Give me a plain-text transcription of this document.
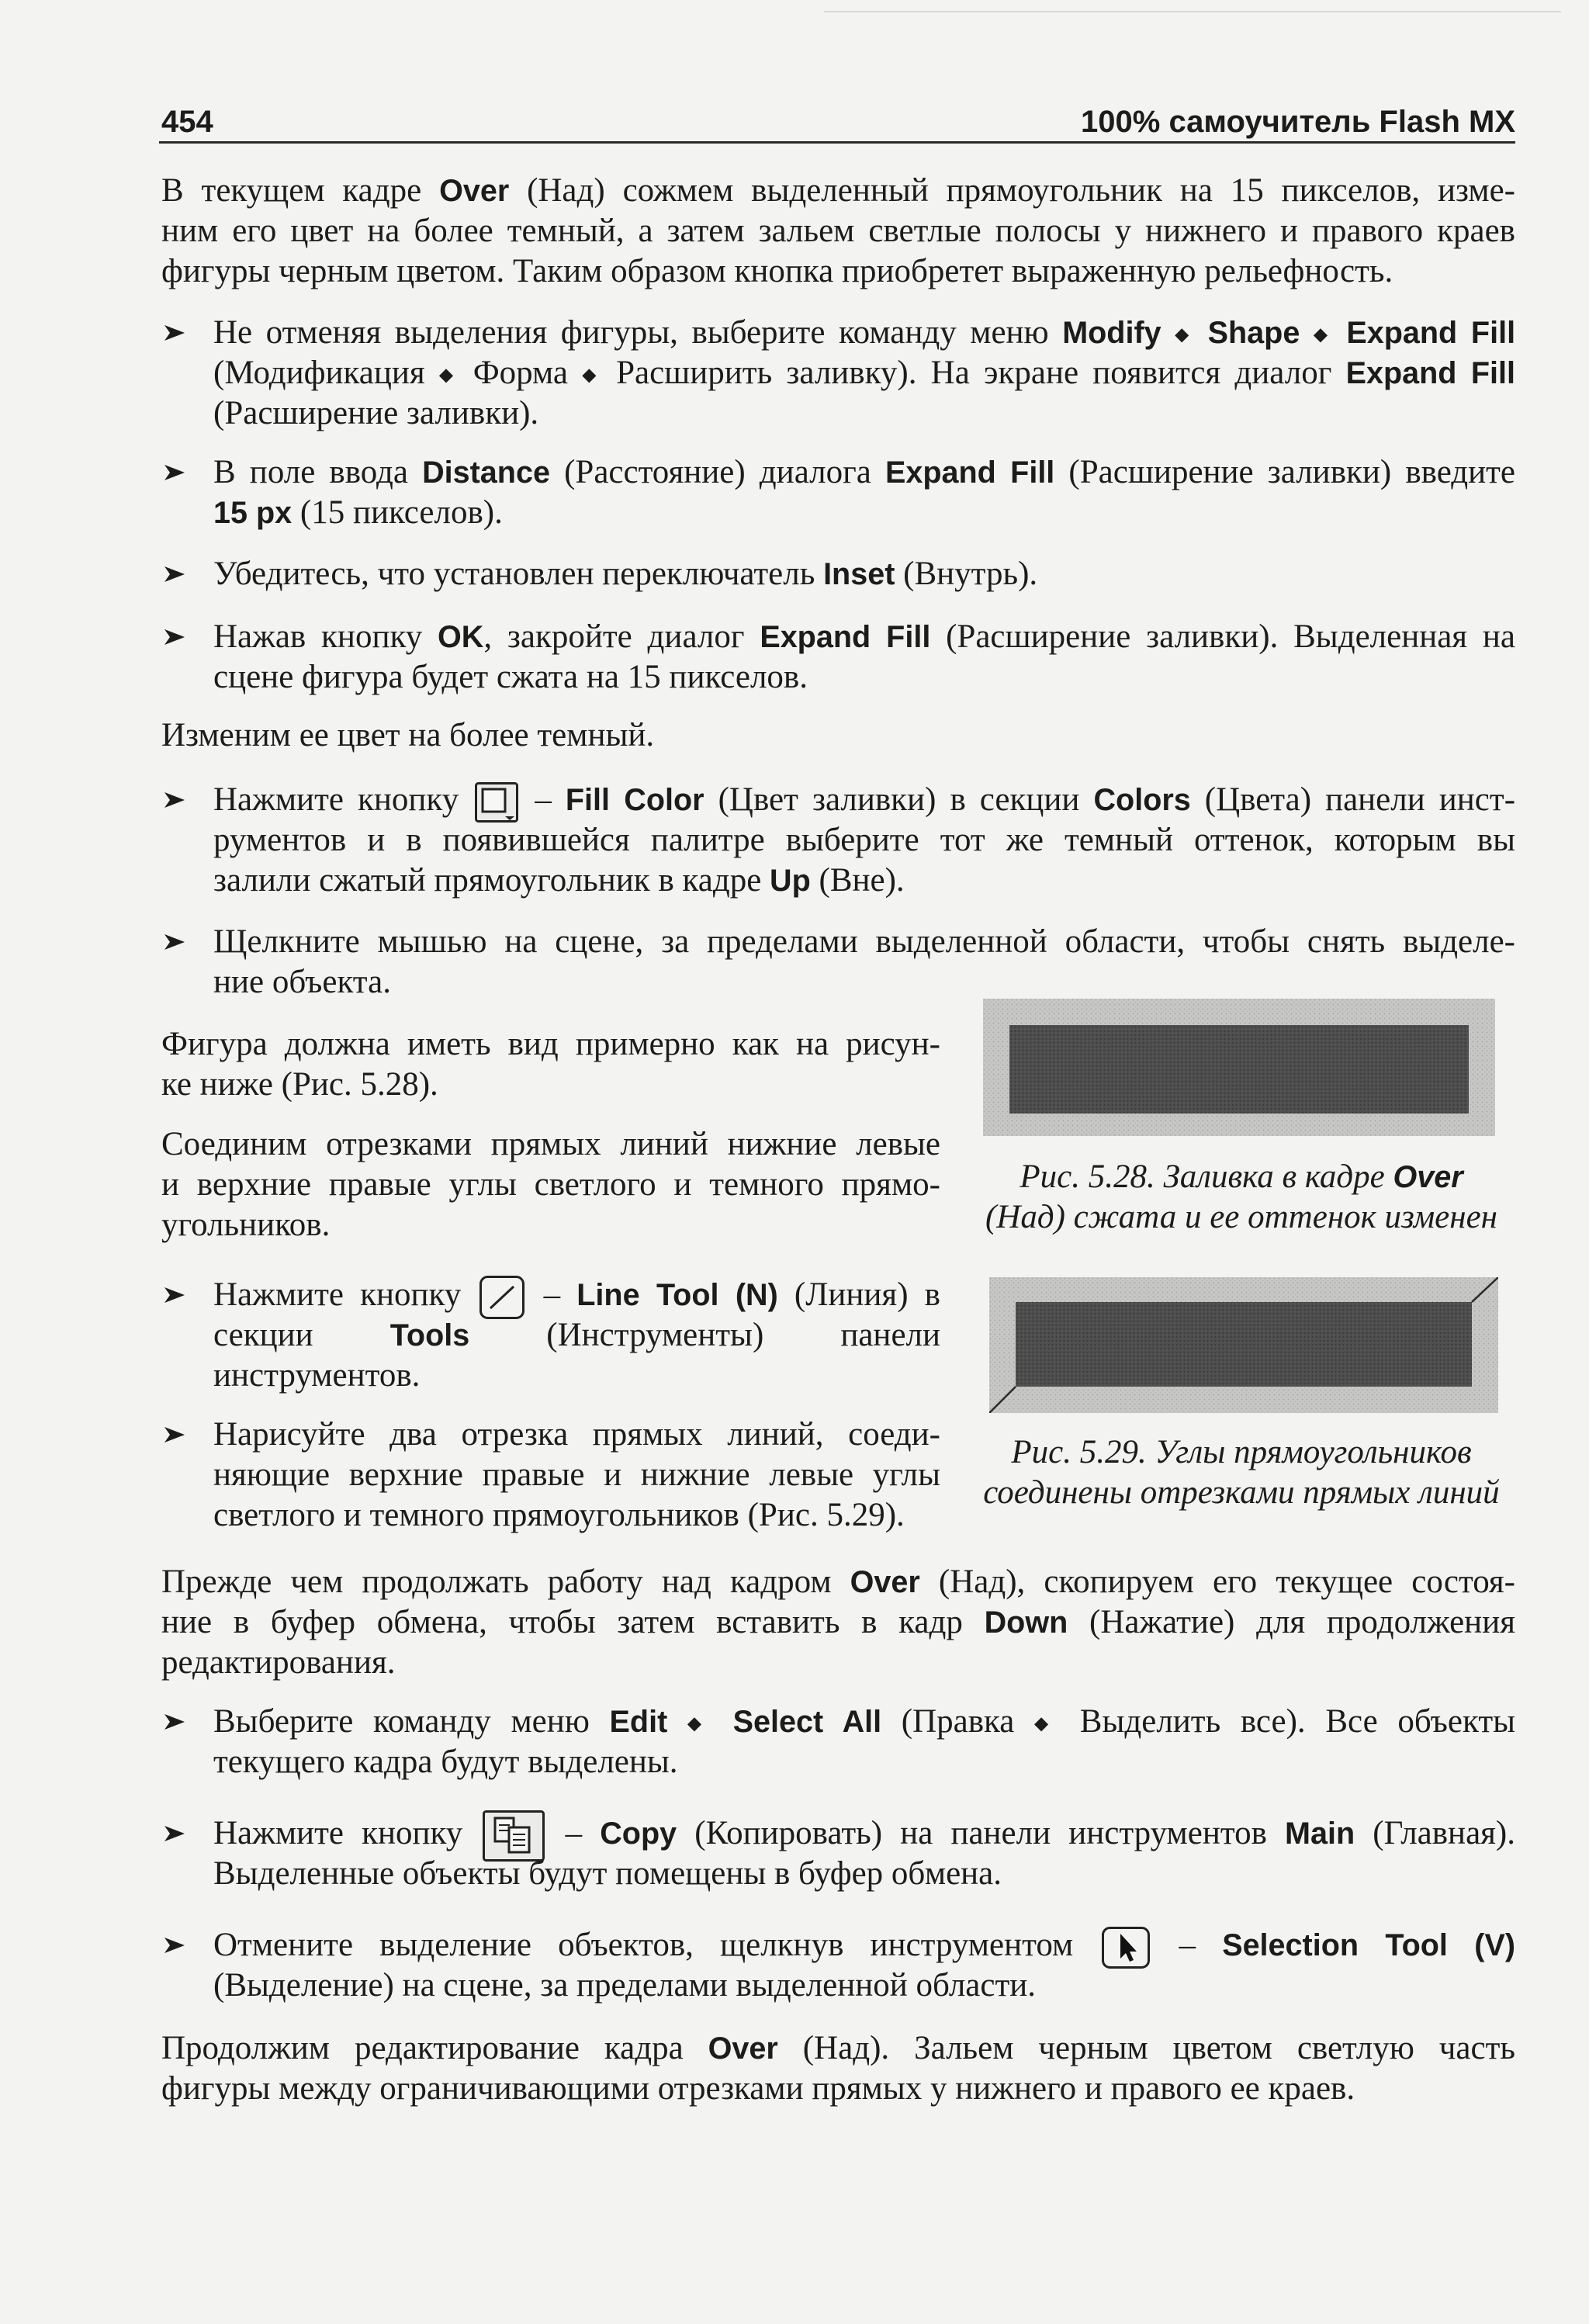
454	100% самоучитель Flash MX
В текущем кадре Over (Над) сожмем выделенный прямоугольник на 15 пикселов, изме-
ним его цвет на более темный, а затем зальем светлые полосы у нижнего и правого краев
фигуры черным цветом. Таким образом кнопка приобретет выраженную рельефность.
Не отменяя выделения фигуры, выберите команду меню Modify ◆ Shape ◆ Expand Fill
(Модификация ◆ Форма ◆ Расширить заливку). На экране появится диалог Expand Fill
(Расширение заливки).
В поле ввода Distance (Расстояние) диалога Expand Fill (Расширение заливки) введите
15 px (15 пикселов).
Убедитесь, что установлен переключатель Inset (Внутрь).
Нажав кнопку OK, закройте диалог Expand Fill (Расширение заливки). Выделенная на
сцене фигура будет сжата на 15 пикселов.
Изменим ее цвет на более темный.
Нажмите кнопку  – Fill Color (Цвет заливки) в секции Colors (Цвета) панели инст-
рументов и в появившейся палитре выберите тот же темный оттенок, которым вы
залили сжатый прямоугольник в кадре Up (Вне).
Щелкните мышью на сцене, за пределами выделенной области, чтобы снять выделе-
ние объекта.
Фигура должна иметь вид примерно как на рисун-
ке ниже (Рис. 5.28).
Соединим отрезками прямых линий нижние левые
и верхние правые углы светлого и темного прямо-
угольников.
Нажмите кнопку  – Line Tool (N) (Линия) в
секции Tools (Инструменты) панели
инструментов.
Нарисуйте два отрезка прямых линий, соеди-
няющие верхние правые и нижние левые углы
светлого и темного прямоугольников (Рис. 5.29).
Рис. 5.28. Заливка в кадре Over
(Над) сжата и ее оттенок изменен
Рис. 5.29. Углы прямоугольников
соединены отрезками прямых линий
Прежде чем продолжать работу над кадром Over (Над), скопируем его текущее состоя-
ние в буфер обмена, чтобы затем вставить в кадр Down (Нажатие) для продолжения
редактирования.
Выберите команду меню Edit ◆ Select All (Правка ◆ Выделить все). Все объекты
текущего кадра будут выделены.
Нажмите кнопку  – Copy (Копировать) на панели инструментов Main (Главная).
Выделенные объекты будут помещены в буфер обмена.
Отмените выделение объектов, щелкнув инструментом  – Selection Tool (V)
(Выделение) на сцене, за пределами выделенной области.
Продолжим редактирование кадра Over (Над). Зальем черным цветом светлую часть
фигуры между ограничивающими отрезками прямых у нижнего и правого ее краев.
